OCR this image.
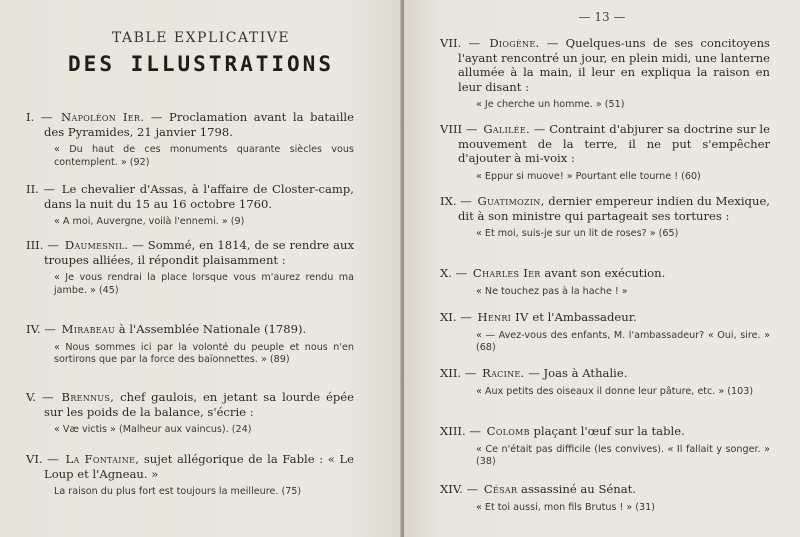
TABLE EXPLICATIVE
DES ILLUSTRATIONS
I. — Napoléon Ier. — Proclamation avant la bataille des Pyramides, 21 janvier 1798.
« Du haut de ces monuments quarante siècles vous contemplent. » (92)
II. — Le chevalier d'Assas, à l'affaire de Closter-camp, dans la nuit du 15 au 16 octobre 1760.
« A moi, Auvergne, voilà l'ennemi. » (9)
III. — Daumesnil. — Sommé, en 1814, de se rendre aux troupes alliées, il répondit plaisamment :
« Je vous rendrai la place lorsque vous m'aurez rendu ma jambe. » (45)
IV. — Mirabeau à l'Assemblée Nationale (1789).
« Nous sommes ici par la volonté du peuple et nous n'en sortirons que par la force des baïonnettes. » (89)
V. — Brennus, chef gaulois, en jetant sa lourde épée sur les poids de la balance, s'écrie :
« Væ victis » (Malheur aux vaincus). (24)
VI. — La Fontaine, sujet allégorique de la Fable : « Le Loup et l'Agneau. »
La raison du plus fort est toujours la meilleure. (75)
— 13 —
VII. — Diogène. — Quelques-uns de ses concitoyens l'ayant rencontré un jour, en plein midi, une lanterne allumée à la main, il leur en expliqua la raison en leur disant :
« Je cherche un homme. » (51)
VIII — Galilée. — Contraint d'abjurer sa doctrine sur le mouvement de la terre, il ne put s'empêcher d'ajouter à mi-voix :
« Eppur si muove! » Pourtant elle tourne ! (60)
IX. — Guatimozin, dernier empereur indien du Mexique, dit à son ministre qui partageait ses tortures :
« Et moi, suis-je sur un lit de roses? » (65)
X. — Charles Ier avant son exécution.
« Ne touchez pas à la hache ! »
XI. — Henri IV et l'Ambassadeur.
« — Avez-vous des enfants, M. l'ambassadeur? « Oui, sire. » (68)
XII. — Racine. — Joas à Athalie.
« Aux petits des oiseaux il donne leur pâture, etc. » (103)
XIII. — Colomb plaçant l'œuf sur la table.
« Ce n'était pas difficile (les convives). « Il fallait y songer. » (38)
XIV. — César assassiné au Sénat.
« Et toi aussi, mon fils Brutus ! » (31)
